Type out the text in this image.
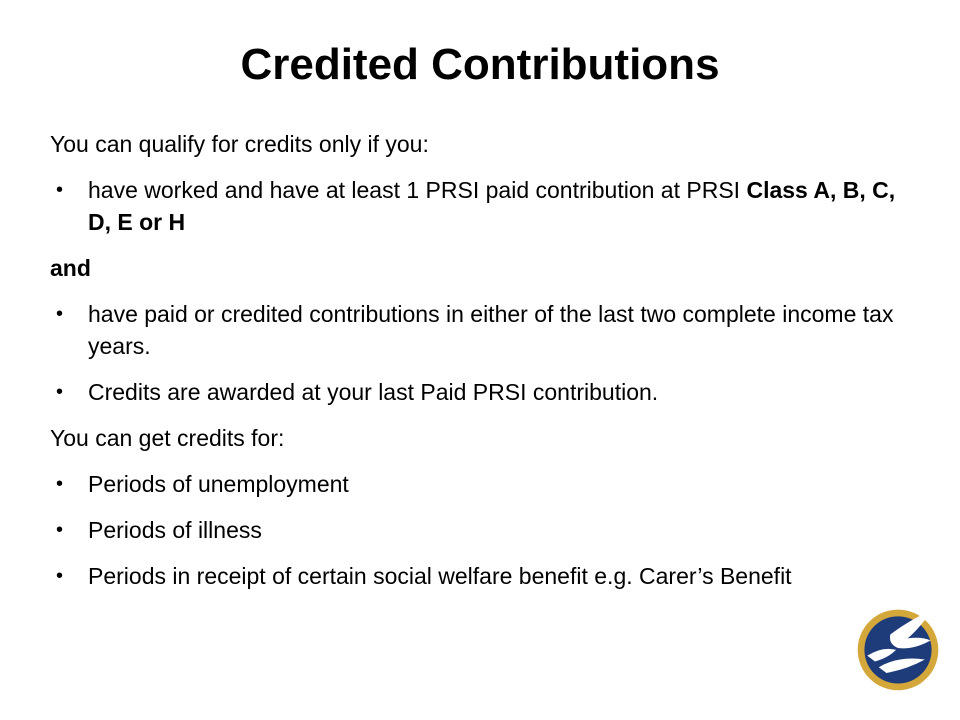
Credited Contributions

You can qualify for credits only if you:

• have worked and have at least 1 PRSI paid contribution at PRSI Class A, B, C, D, E or H

and

• have paid or credited contributions in either of the last two complete income tax years.
• Credits are awarded at your last Paid PRSI contribution.

You can get credits for:

• Periods of unemployment
• Periods of illness
• Periods in receipt of certain social welfare benefit e.g. Carer’s Benefit
